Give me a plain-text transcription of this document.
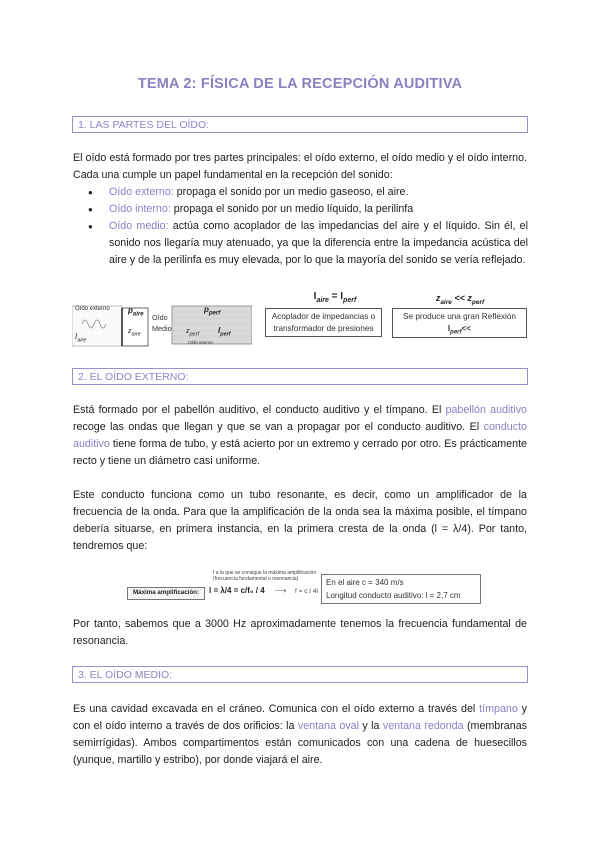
TEMA 2: FÍSICA DE LA RECEPCIÓN AUDITIVA
1. LAS PARTES DEL OÍDO:
El oído está formado por tres partes principales: el oído externo, el oído medio y el oído interno. Cada una cumple un papel fundamental en la recepción del sonido:
● Oído externo: propaga el sonido por un medio gaseoso, el aire.
● Oído interno: propaga el sonido por un medio líquido, la perilinfa
● Oído medio: actúa como acoplador de las impedancias del aire y el líquido. Sin él, el sonido nos llegaría muy atenuado, ya que la diferencia entre la impedancia acústica del aire y de la perilinfa es muy elevada, por lo que la mayoría del sonido se vería reflejado.
Oído externo $p_{aire}$
$I_{aire}$
$z_{aire}$
Oído
Medio
$p_{perf}$
$z_{perf}$ $I_{perf}$
Oído interno
$I_{aire} = I_{perf}$
Acoplador de impedancias o
transformador de presiones
$z_{aire} << z_{perf}$
Se produce una gran Reflexión
$I_{perf}<<$
2. EL OÍDO EXTERNO:
Está formado por el pabellón auditivo, el conducto auditivo y el tímpano. El pabellón auditivo recoge las ondas que llegan y que se van a propagar por el conducto auditivo. El conducto auditivo tiene forma de tubo, y está acierto por un extremo y cerrado por otro. Es prácticamente recto y tiene un diámetro casi uniforme.
Este conducto funciona como un tubo resonante, es decir, como un amplificador de la frecuencia de la onda. Para que la amplificación de la onda sea la máxima posible, el tímpano debería situarse, en primera instancia, en la primera cresta de la onda (l = λ/4). Por tanto, tendremos que:
Máxima amplificación:
f a la que se consigue la máxima amplificación
(frecuencia fundamental o resonancia)
l = λ/4 = c/f₀ / 4 ⟶ f = c / 4l
En el aire c = 340 m/s
Longitud conducto auditivo: l = 2,7 cm
Por tanto, sabemos que a 3000 Hz aproximadamente tenemos la frecuencia fundamental de resonancia.
3. EL OÍDO MEDIO:
Es una cavidad excavada en el cráneo. Comunica con el oído externo a través del tímpano y con el oído interno a través de dos orificios: la ventana oval y la ventana redonda (membranas semirrígidas). Ambos compartimentos están comunicados con una cadena de huesecillos (yunque, martillo y estribo), por donde viajará el aire.
